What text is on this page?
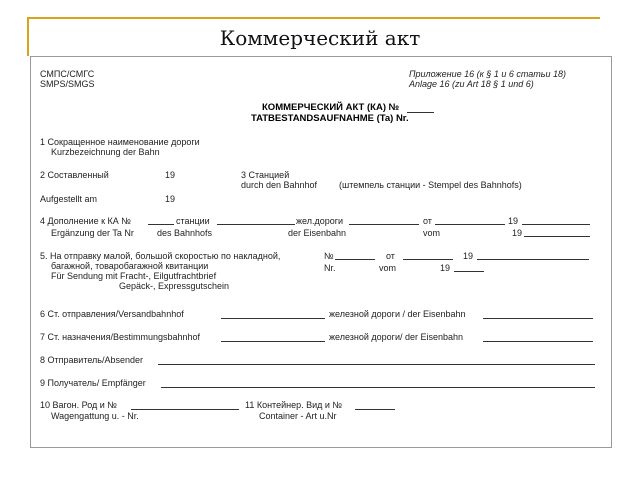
Коммерческий акт
СМПС/СМГС
SMPS/SMGS
Приложение 16 (к § 1 и 6 статьи 18)
Anlage 16 (zu Art 18 § 1 und 6)
КОММЕРЧЕСКИЙ АКТ (КА) №
TATBESTANDSAUFNAHME (Ta) Nr.
1 Сокращенное наименование дороги
Kurzbezeichnung der Bahn
2 Составленный	19	3 Станцией
durch den Bahnhof (штемпель станции - Stempel des Bahnhofs)
Aufgestellt am	19
4 Дополнение к КА №	станции	жел.дороги	от	19
Ergänzung der Ta Nr	des Bahnhofs	der Eisenbahn	vom	19
5. На отправку малой, большой скоростью по накладной,
багажной, товаробагажной квитанции
Für Sendung mit Fracht-, Eilgutfrachtbrief
Gepäck-, Expressgutschein
№	от	19
Nr.	vom	19
6 Ст. отправления/Versandbahnhof	железной дороги / der Eisenbahn
7 Ст. назначения/Bestimmungsbahnhof	железной дороги/ der Eisenbahn
8 Отправитель/Absender
9 Получатель/ Empfänger
10 Вагон. Род и №	11 Контейнер. Вид и №
Wagengattung u. - Nr.	Container - Art u.Nr
